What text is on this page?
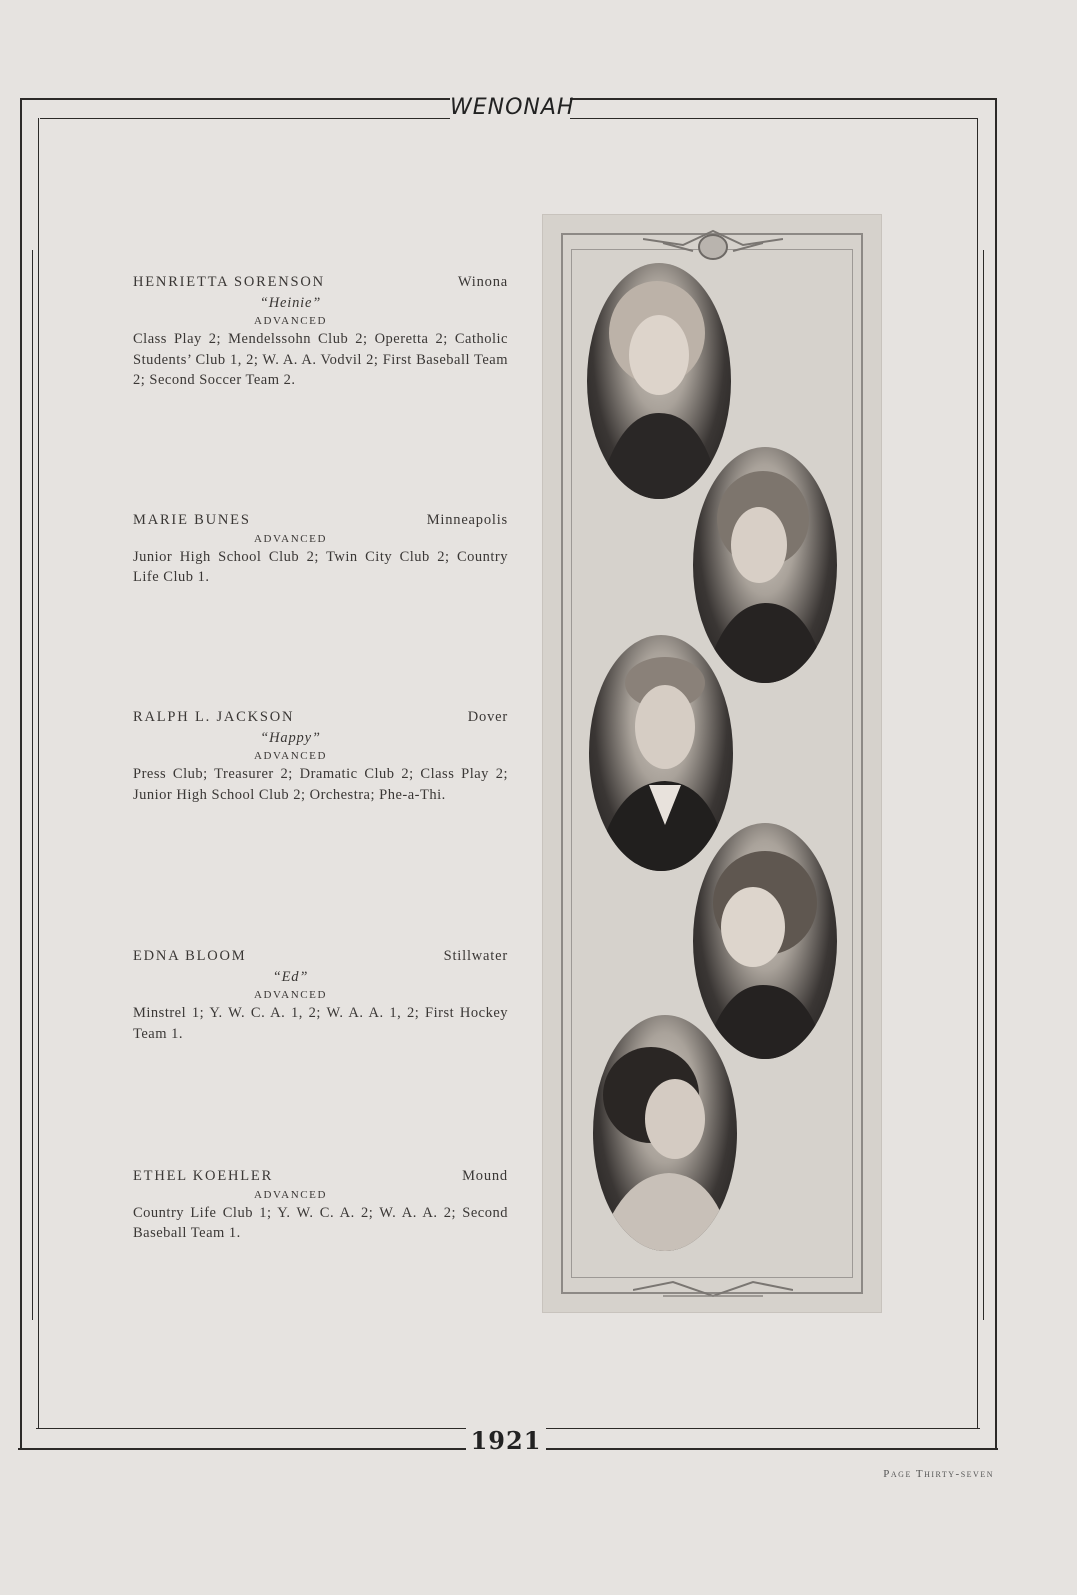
WENONAH
1921
Page Thirty-seven
HENRIETTA SORENSON	Winona
“Heinie”
ADVANCED
Class Play 2; Mendelssohn Club 2; Operetta 2; Catholic Students’ Club 1, 2; W. A. A. Vodvil 2; First Baseball Team 2; Second Soccer Team 2.
MARIE BUNES	Minneapolis
ADVANCED
Junior High School Club 2; Twin City Club 2; Country Life Club 1.
RALPH L. JACKSON	Dover
“Happy”
ADVANCED
Press Club; Treasurer 2; Dramatic Club 2; Class Play 2; Junior High School Club 2; Orchestra; Phe-a-Thi.
EDNA BLOOM	Stillwater
“Ed”
ADVANCED
Minstrel 1; Y. W. C. A. 1, 2; W. A. A. 1, 2; First Hockey Team 1.
ETHEL KOEHLER	Mound
ADVANCED
Country Life Club 1; Y. W. C. A. 2; W. A. A. 2; Second Baseball Team 1.
